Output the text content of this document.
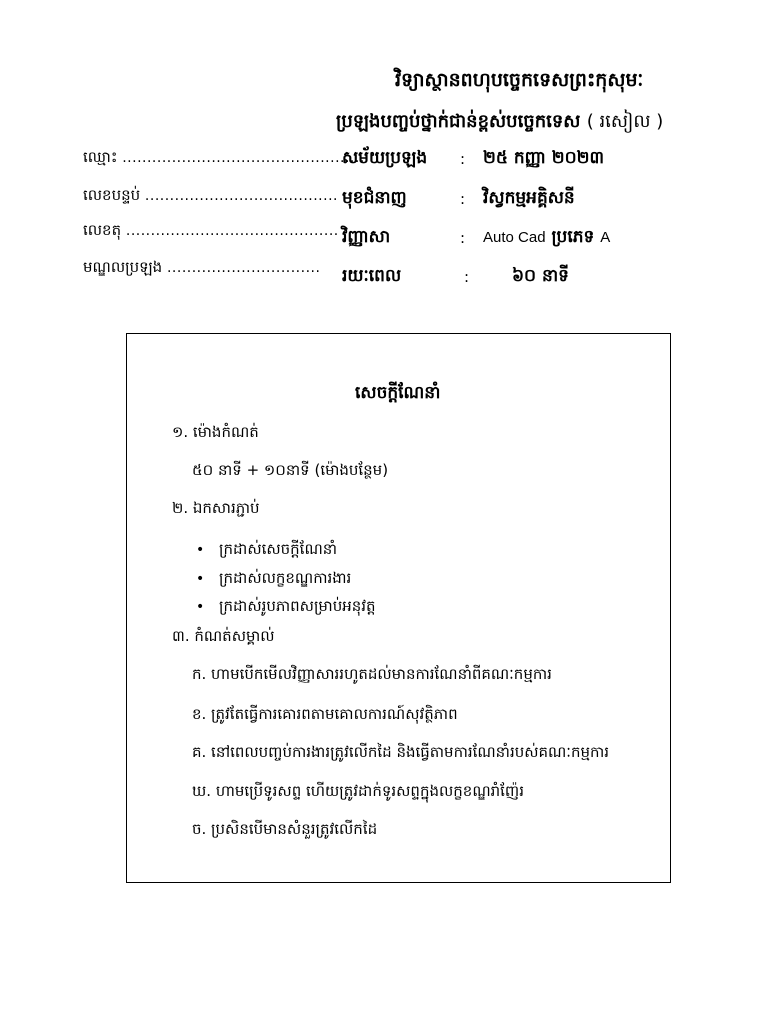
វិទ្យាស្ថានពហុបច្ចេកទេសព្រះកុសុមៈ
ប្រឡងបញ្ចប់ថ្នាក់ជាន់ខ្ពស់បច្ចេកទេស ( រសៀល )
ឈ្មោះ .................................................
លេខបន្ទប់ .......................................
លេខតុ ...........................................
មណ្ឌលប្រឡង ...............................
សម័យប្រឡង : ២៥ កញ្ញា ២០២៣
មុខជំនាញ	: វិស្វកម្មអគ្គិសនី
វិញ្ញាសា	: Auto Cad ប្រភេទ A
រយៈពេល	:	៦០ នាទី
សេចក្តីណែនាំ
១. ម៉ោងកំណត់
៥០ នាទី + ១០នាទី (ម៉ោងបន្ថែម)
២. ឯកសារភ្ជាប់
• ក្រដាស់សេចក្តីណែនាំ
• ក្រដាស់លក្ខខណ្ឌការងារ
• ក្រដាស់រូបភាពសម្រាប់អនុវត្ត
៣. កំណត់សម្គាល់
ក. ហាមបើកមើលវិញ្ញាសាររហូតដល់មានការណែនាំពីគណៈកម្មការ
ខ. ត្រូវតែធ្វើការគោរពតាមគោលការណ៍សុវត្ថិភាព
គ. នៅពេលបញ្ចប់ការងារត្រូវលើកដៃ និងធ្វើតាមការណែនាំរបស់គណៈកម្មការ
ឃ. ហាមប្រើទូរសព្ទ ហើយត្រូវដាក់ទូរសព្ទក្នុងលក្ខខណ្ឌរាំញ៉ែរ
ច. ប្រសិនបើមានសំនួរត្រូវលើកដៃ
